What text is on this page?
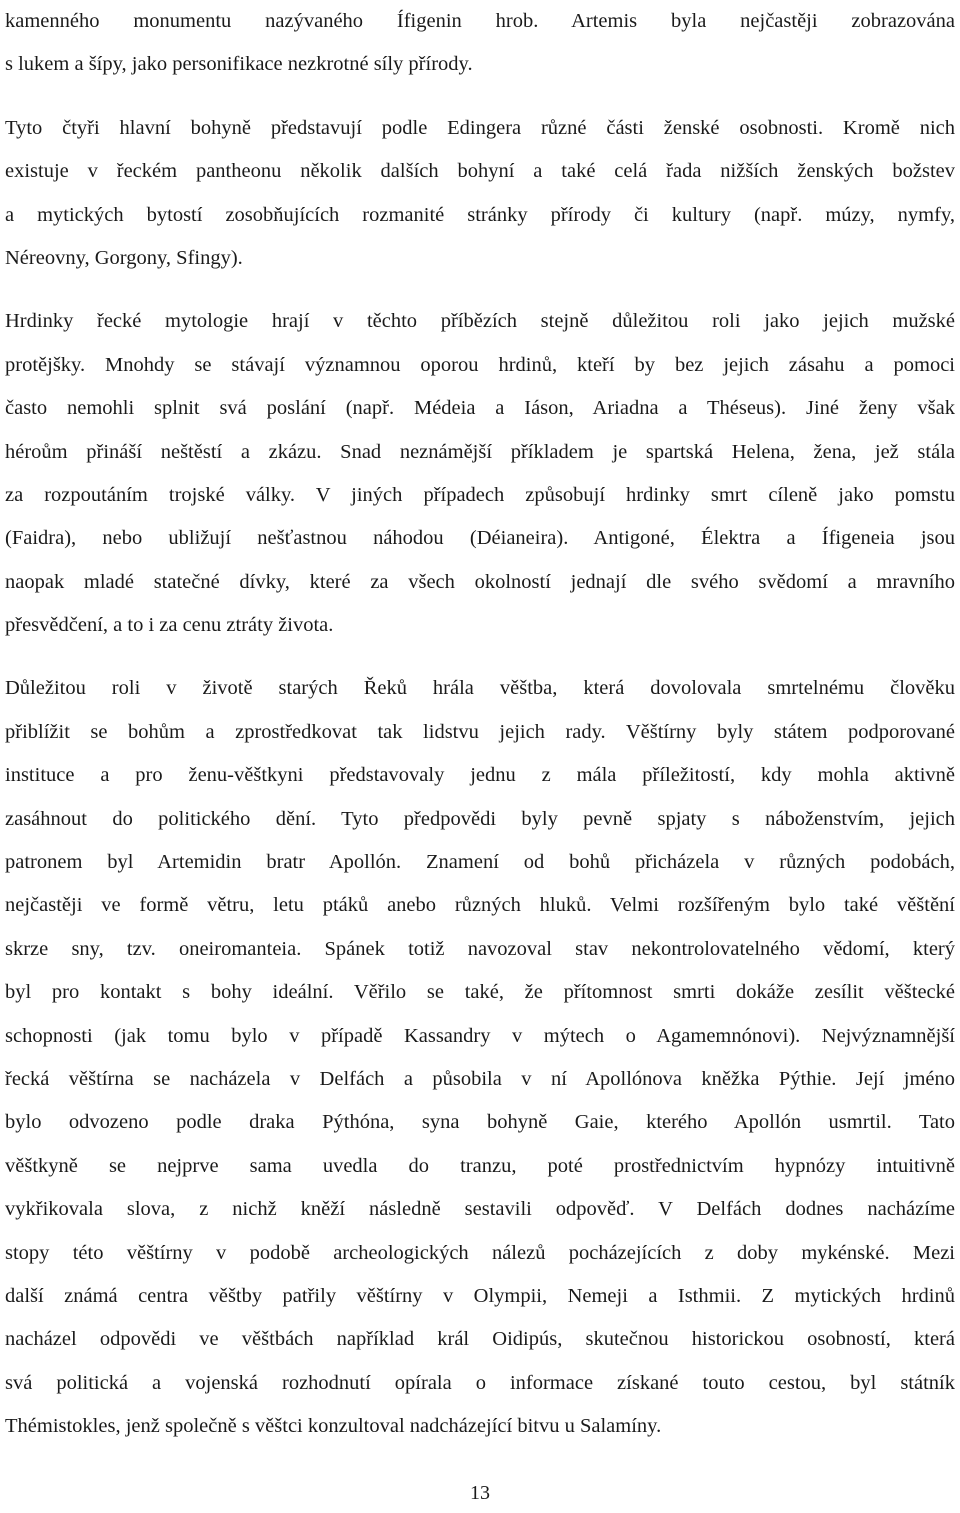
kamenného monumentu nazývaného Ífigenin hrob. Artemis byla nejčastěji zobrazována
s lukem a šípy, jako personifikace nezkrotné síly přírody.
Tyto čtyři hlavní bohyně představují podle Edingera různé části ženské osobnosti. Kromě nich
existuje v řeckém pantheonu několik dalších bohyní a také celá řada nižších ženských božstev
a mytických bytostí zosobňujících rozmanité stránky přírody či kultury (např. múzy, nymfy,
Néreovny, Gorgony, Sfingy).
Hrdinky řecké mytologie hrají v těchto příbězích stejně důležitou roli jako jejich mužské
protějšky. Mnohdy se stávají významnou oporou hrdinů, kteří by bez jejich zásahu a pomoci
často nemohli splnit svá poslání (např. Médeia a Iáson, Ariadna a Théseus). Jiné ženy však
héroům přináší neštěstí a zkázu. Snad neznámější příkladem je spartská Helena, žena, jež stála
za rozpoutáním trojské války. V jiných případech způsobují hrdinky smrt cíleně jako pomstu
(Faidra), nebo ubližují nešťastnou náhodou (Déianeira). Antigoné, Élektra a Ífigeneia jsou
naopak mladé statečné dívky, které za všech okolností jednají dle svého svědomí a mravního
přesvědčení, a to i za cenu ztráty života.
Důležitou roli v životě starých Řeků hrála věštba, která dovolovala smrtelnému člověku
přiblížit se bohům a zprostředkovat tak lidstvu jejich rady. Věštírny byly státem podporované
instituce a pro ženu-věštkyni představovaly jednu z mála příležitostí, kdy mohla aktivně
zasáhnout do politického dění. Tyto předpovědi byly pevně spjaty s náboženstvím, jejich
patronem byl Artemidin bratr Apollón. Znamení od bohů přicházela v různých podobách,
nejčastěji ve formě větru, letu ptáků anebo různých hluků. Velmi rozšířeným bylo také věštění
skrze sny, tzv. oneiromanteia. Spánek totiž navozoval stav nekontrolovatelného vědomí, který
byl pro kontakt s bohy ideální. Věřilo se také, že přítomnost smrti dokáže zesílit věštecké
schopnosti (jak tomu bylo v případě Kassandry v mýtech o Agamemnónovi). Nejvýznamnější
řecká věštírna se nacházela v Delfách a působila v ní Apollónova kněžka Pýthie. Její jméno
bylo odvozeno podle draka Pýthóna, syna bohyně Gaie, kterého Apollón usmrtil. Tato
věštkyně se nejprve sama uvedla do tranzu, poté prostřednictvím hypnózy intuitivně
vykřikovala slova, z nichž kněží následně sestavili odpověď. V Delfách dodnes nacházíme
stopy této věštírny v podobě archeologických nálezů pocházejících z doby mykénské. Mezi
další známá centra věštby patřily věštírny v Olympii, Nemeji a Isthmii. Z mytických hrdinů
nacházel odpovědi ve věštbách například král Oidipús, skutečnou historickou osobností, která
svá politická a vojenská rozhodnutí opírala o informace získané touto cestou, byl státník
Thémistokles, jenž společně s věštci konzultoval nadcházející bitvu u Salamíny.
13
